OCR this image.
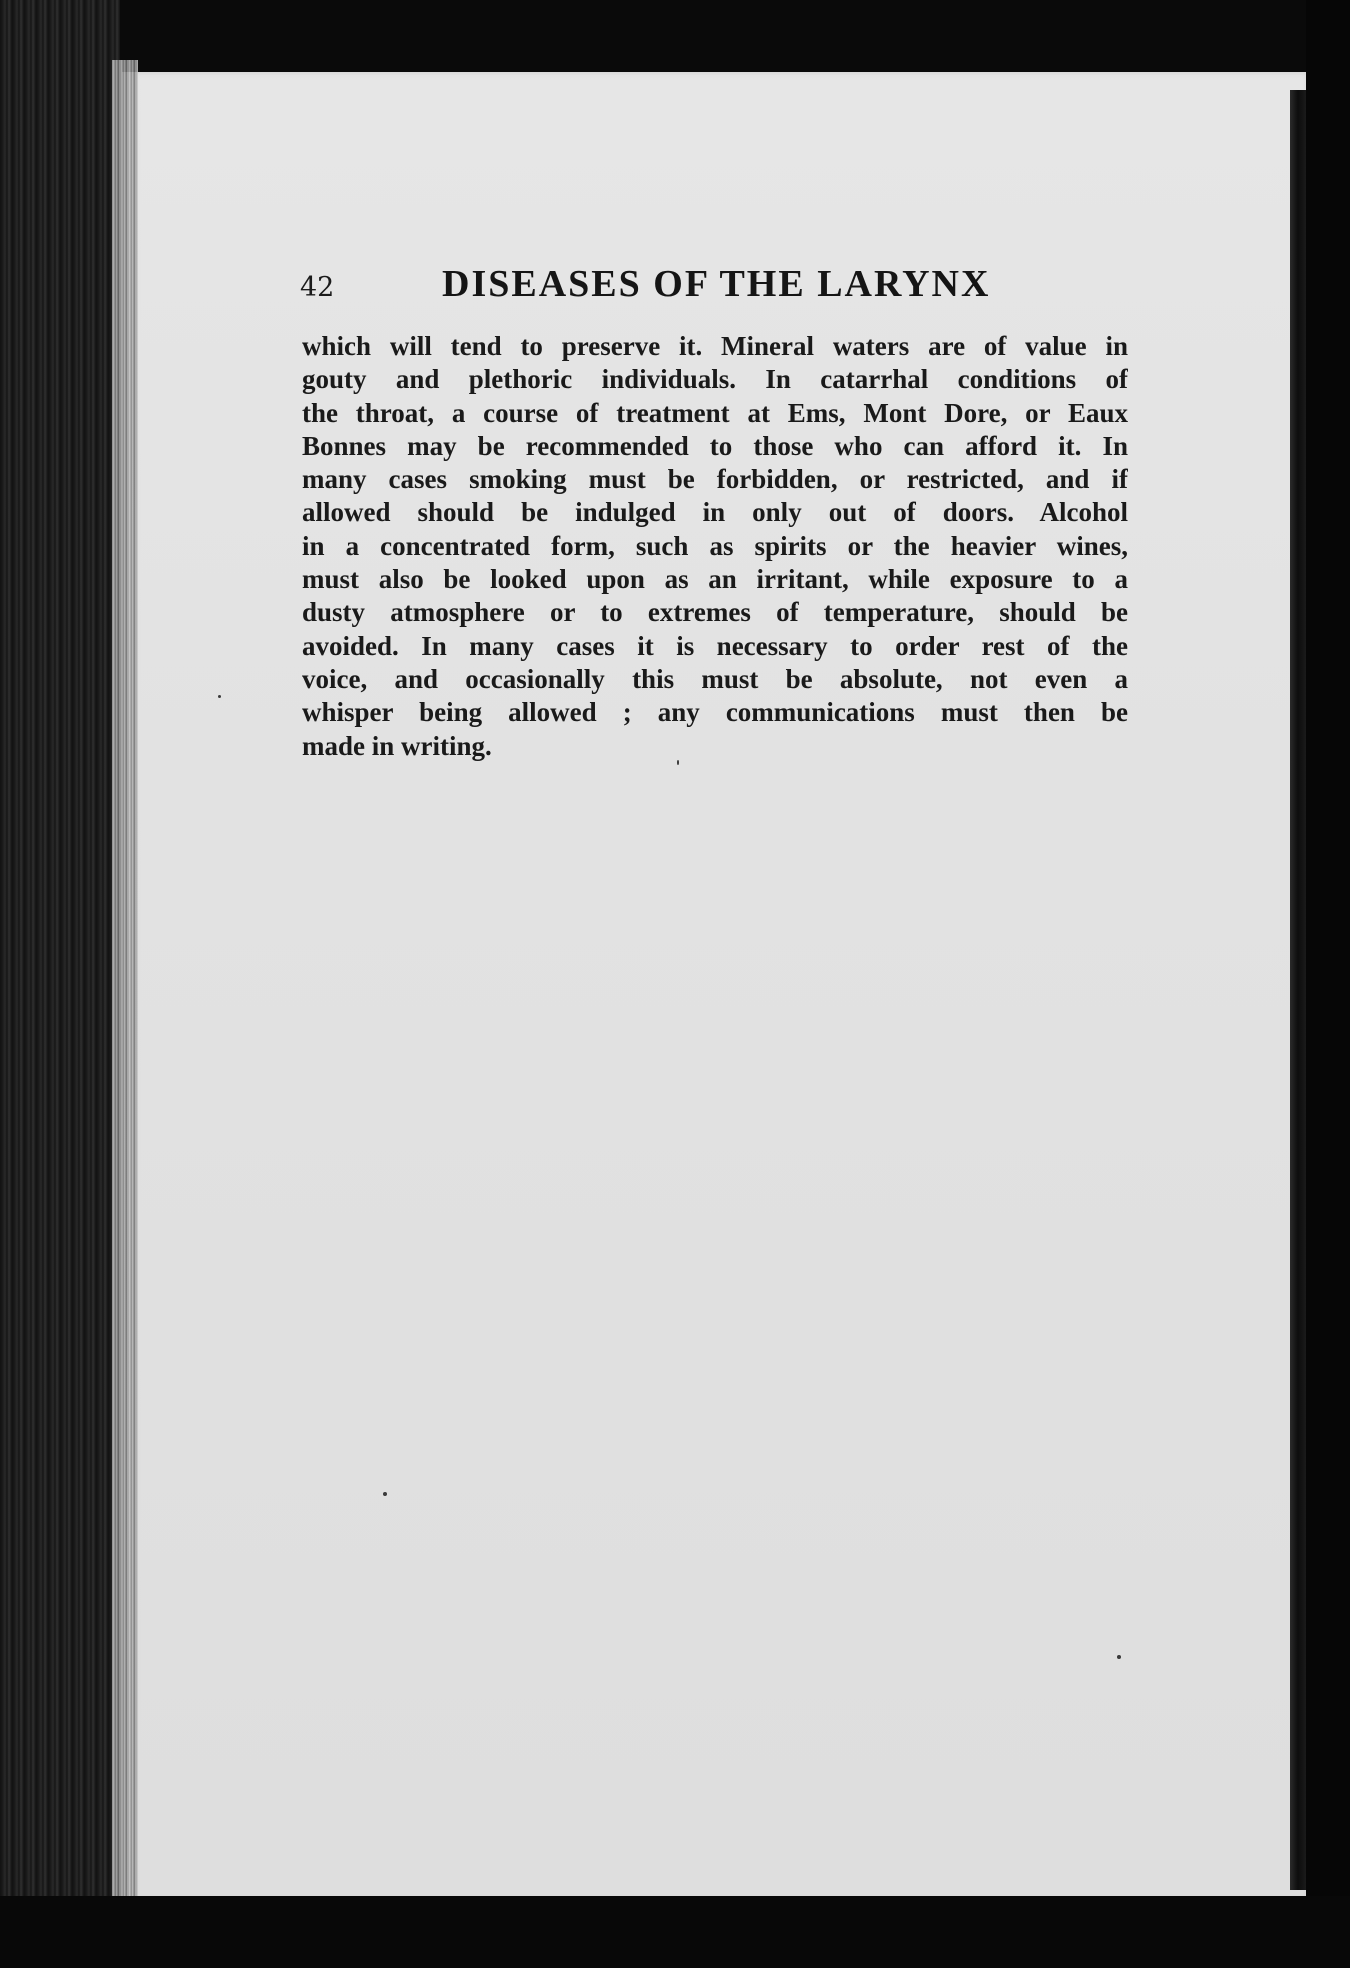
42	DISEASES OF THE LARYNX
which will tend to preserve it. Mineral waters are of value in
gouty and plethoric individuals. In catarrhal conditions of
the throat, a course of treatment at Ems, Mont Dore, or Eaux
Bonnes may be recommended to those who can afford it. In
many cases smoking must be forbidden, or restricted, and if
allowed should be indulged in only out of doors. Alcohol
in a concentrated form, such as spirits or the heavier wines,
must also be looked upon as an irritant, while exposure to a
dusty atmosphere or to extremes of temperature, should be
avoided. In many cases it is necessary to order rest of the
voice, and occasionally this must be absolute, not even a
whisper being allowed ; any communications must then be
made in writing.
